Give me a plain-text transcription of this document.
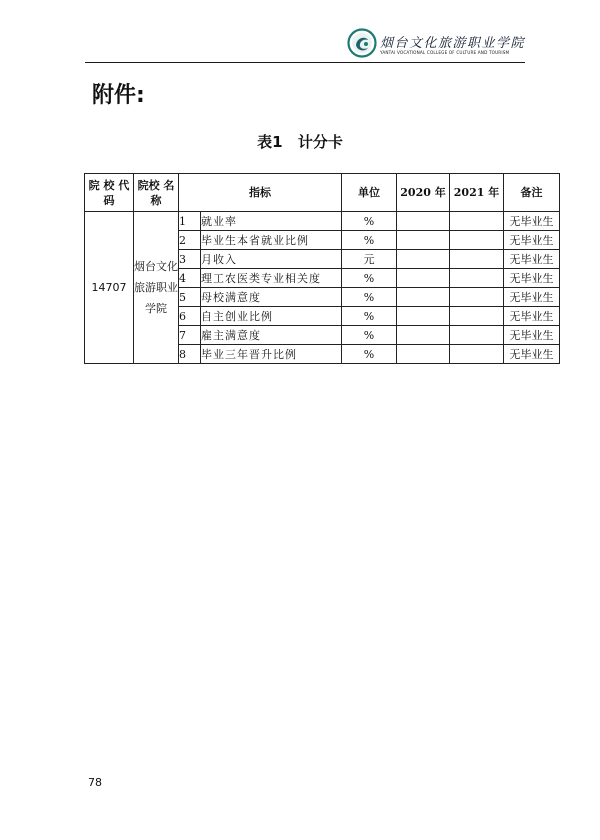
烟台文化旅游职业学院
YANTAI VOCATIONAL COLLEGE OF CULTURE AND TOURISM
附件:
表1 计分卡
院 校 代码	院校 名称	指标		单位	2020 年	2021 年	备注
14707	烟台文化旅游职业学院	1	就业率	%			无毕业生
		2	毕业生本省就业比例	%			无毕业生
		3	月收入	元			无毕业生
		4	理工农医类专业相关度	%			无毕业生
		5	母校满意度	%			无毕业生
		6	自主创业比例	%			无毕业生
		7	雇主满意度	%			无毕业生
		8	毕业三年晋升比例	%			无毕业生
78
